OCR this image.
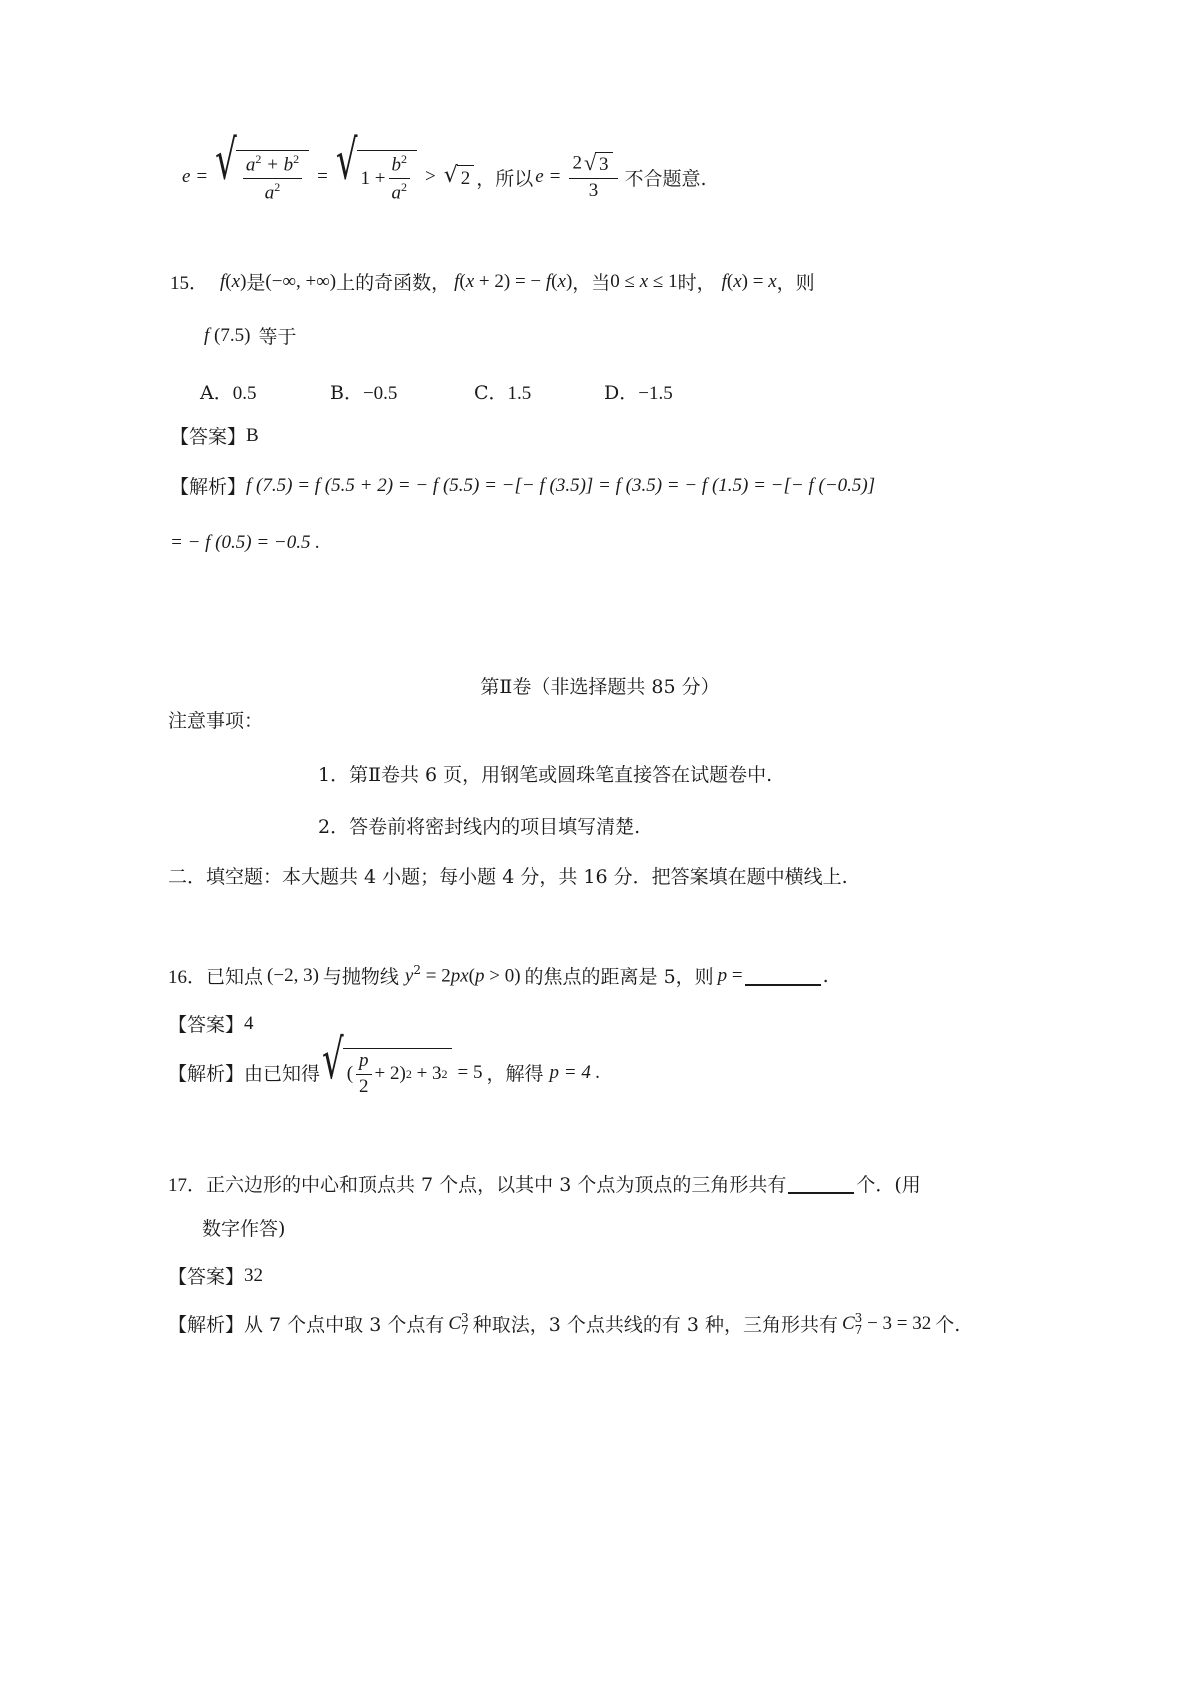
e = √ $\frac{a^2 + b^2}{a^2}$ = √ $1 + \frac{b^2}{a^2}$ > √ 2 ，所以 $e = \frac{2 √ 3}{3}$ 不合题意.
15． f ( x ) 是 (−∞, +∞) 上的奇函数， f ( x + 2) = − f ( x ) ，当 0 ≤ x ≤ 1 时， f ( x ) = x ，则
f (7.5) 等于
A．0.5	B．−0.5	C．1.5	D．−1.5
【答案】 B
【解析】 f (7.5) = f (5.5 + 2) = − f (5.5) = −[− f (3.5)] = f (3.5) = − f (1.5) = −[− f (−0.5)]
= − f (0.5) = −0.5 .
第Ⅱ卷（非选择题共 85 分）
注意事项：
1．第Ⅱ卷共 6 页，用钢笔或圆珠笔直接答在试题卷中.
2．答卷前将密封线内的项目填写清楚.
二．填空题：本大题共 4 小题；每小题 4 分，共 16 分．把答案填在题中横线上.
16． 已知点 (−2, 3) 与抛物线 $y^2 = 2px(p > 0)$ 的焦点的距离是 5，则 p =	.
【答案】 4
【解析】 由已知得 √ ( $\frac{p}{2} + 2$) 2 + 3 2 = 5 ，解得 p = 4 .
17． 正六边形的中心和顶点共 7 个点，以其中 3 个点为顶点的三角形共有	个．(用
数字作答)
【答案】 32
【解析】 从 7 个点中取 3 个点有 C 3
7 种取法，3 个点共线的有 3 种，三角形共有 C 3
7 − 3 = 32 个.
